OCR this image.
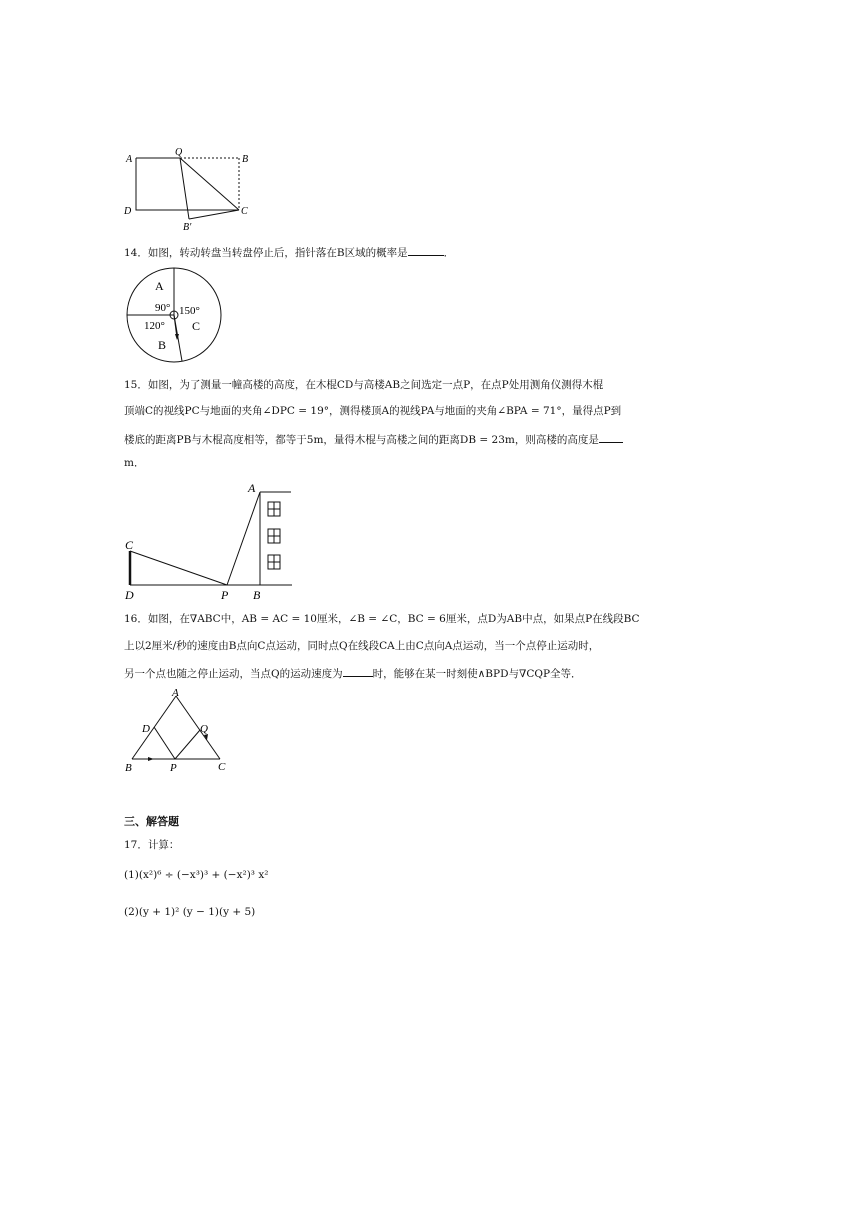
A
Q
B
D	C
B′
14．如图，转动转盘当转盘停止后，指针落在B区域的概率是	．
A
90° 150°
120° C
B
15．如图，为了测量一幢高楼的高度，在木棍CD与高楼AB之间选定一点P，在点P处用测角仪测得木棍
顶端C的视线PC与地面的夹角∠DPC = 19°，测得楼顶A的视线PA与地面的夹角∠BPA = 71°，量得点P到
楼底的距离PB与木棍高度相等，都等于5m，量得木棍与高楼之间的距离DB = 23m，则高楼的高度是
m．
A
C
D	P B
16．如图，在∇ABC中，AB = AC = 10厘米，∠B = ∠C，BC = 6厘米，点D为AB中点，如果点P在线段BC
上以2厘米/秒的速度由B点向C点运动，同时点Q在线段CA上由C点向A点运动，当一个点停止运动时，
另一个点也随之停止运动，当点Q的运动速度为	时，能够在某一时刻使∧BPD与∇CQP全等．
A
D	Q
B	P	C
三、解答题
17．计算：
(1)(x²)⁶ ÷ (−x³)³ + (−x²)³ x²
(2)(y + 1)² (y − 1)(y + 5)
